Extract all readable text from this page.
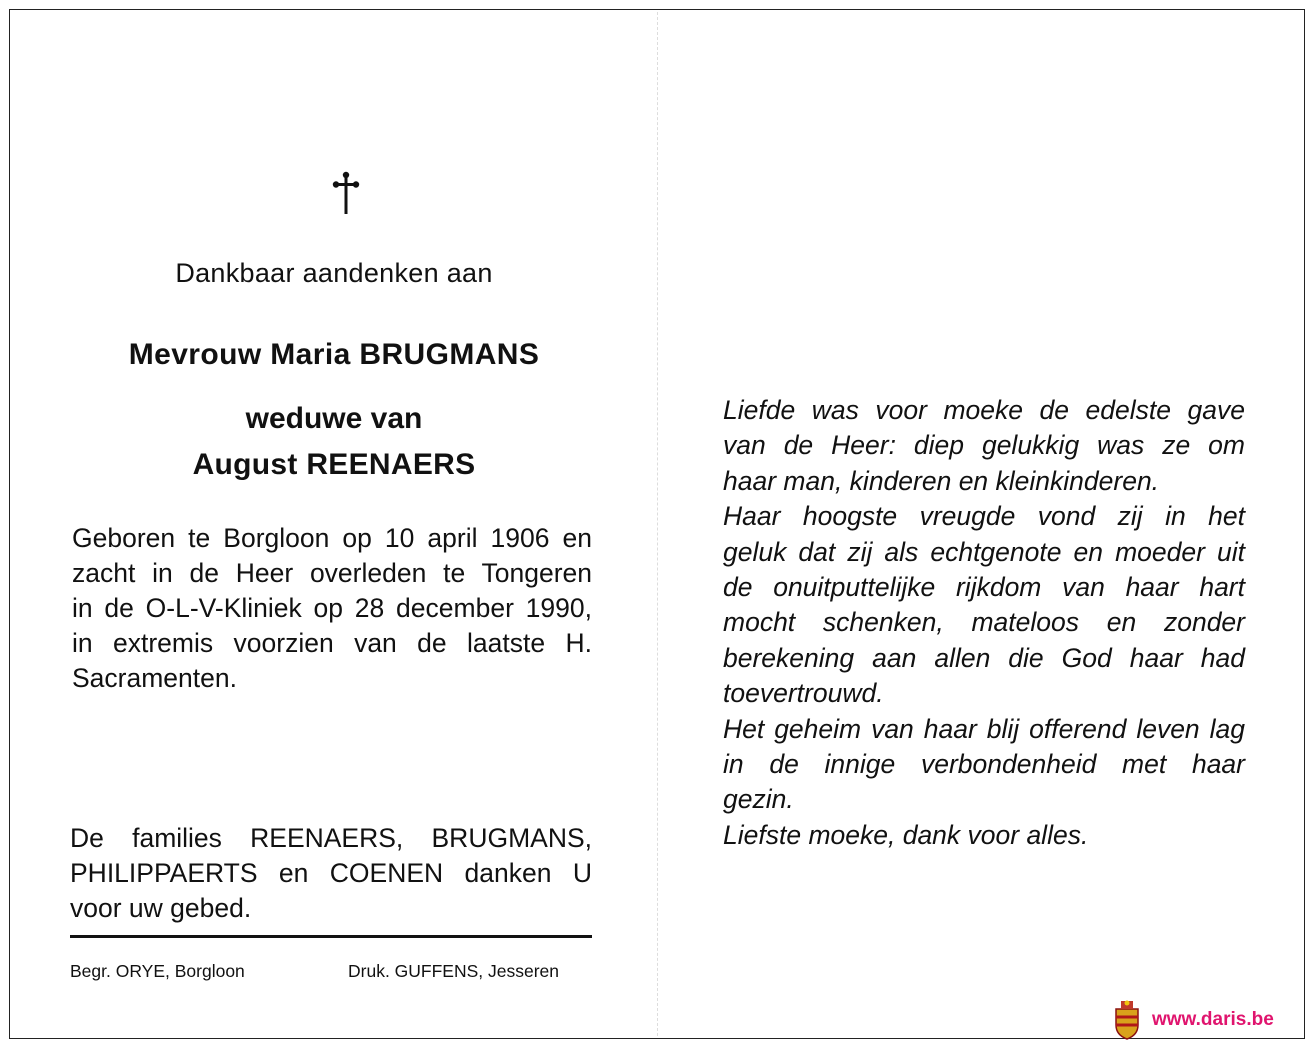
Dankbaar aandenken aan
Mevrouw Maria BRUGMANS
weduwe van
August REENAERS
Geboren te Borgloon op 10 april 1906 en
zacht in de Heer overleden te Tongeren
in de O-L-V-Kliniek op 28 december 1990,
in extremis voorzien van de laatste H.
Sacramenten.
De families REENAERS, BRUGMANS,
PHILIPPAERTS en COENEN danken U
voor uw gebed.
Begr. ORYE, Borgloon	Druk. GUFFENS, Jesseren
Liefde was voor moeke de edelste gave
van de Heer: diep gelukkig was ze om
haar man, kinderen en kleinkinderen.
Haar hoogste vreugde vond zij in het
geluk dat zij als echtgenote en moeder uit
de onuitputtelijke rijkdom van haar hart
mocht schenken, mateloos en zonder
berekening aan allen die God haar had
toevertrouwd.
Het geheim van haar blij offerend leven lag
in de innige verbondenheid met haar
gezin.
Liefste moeke, dank voor alles.
www.daris.be
